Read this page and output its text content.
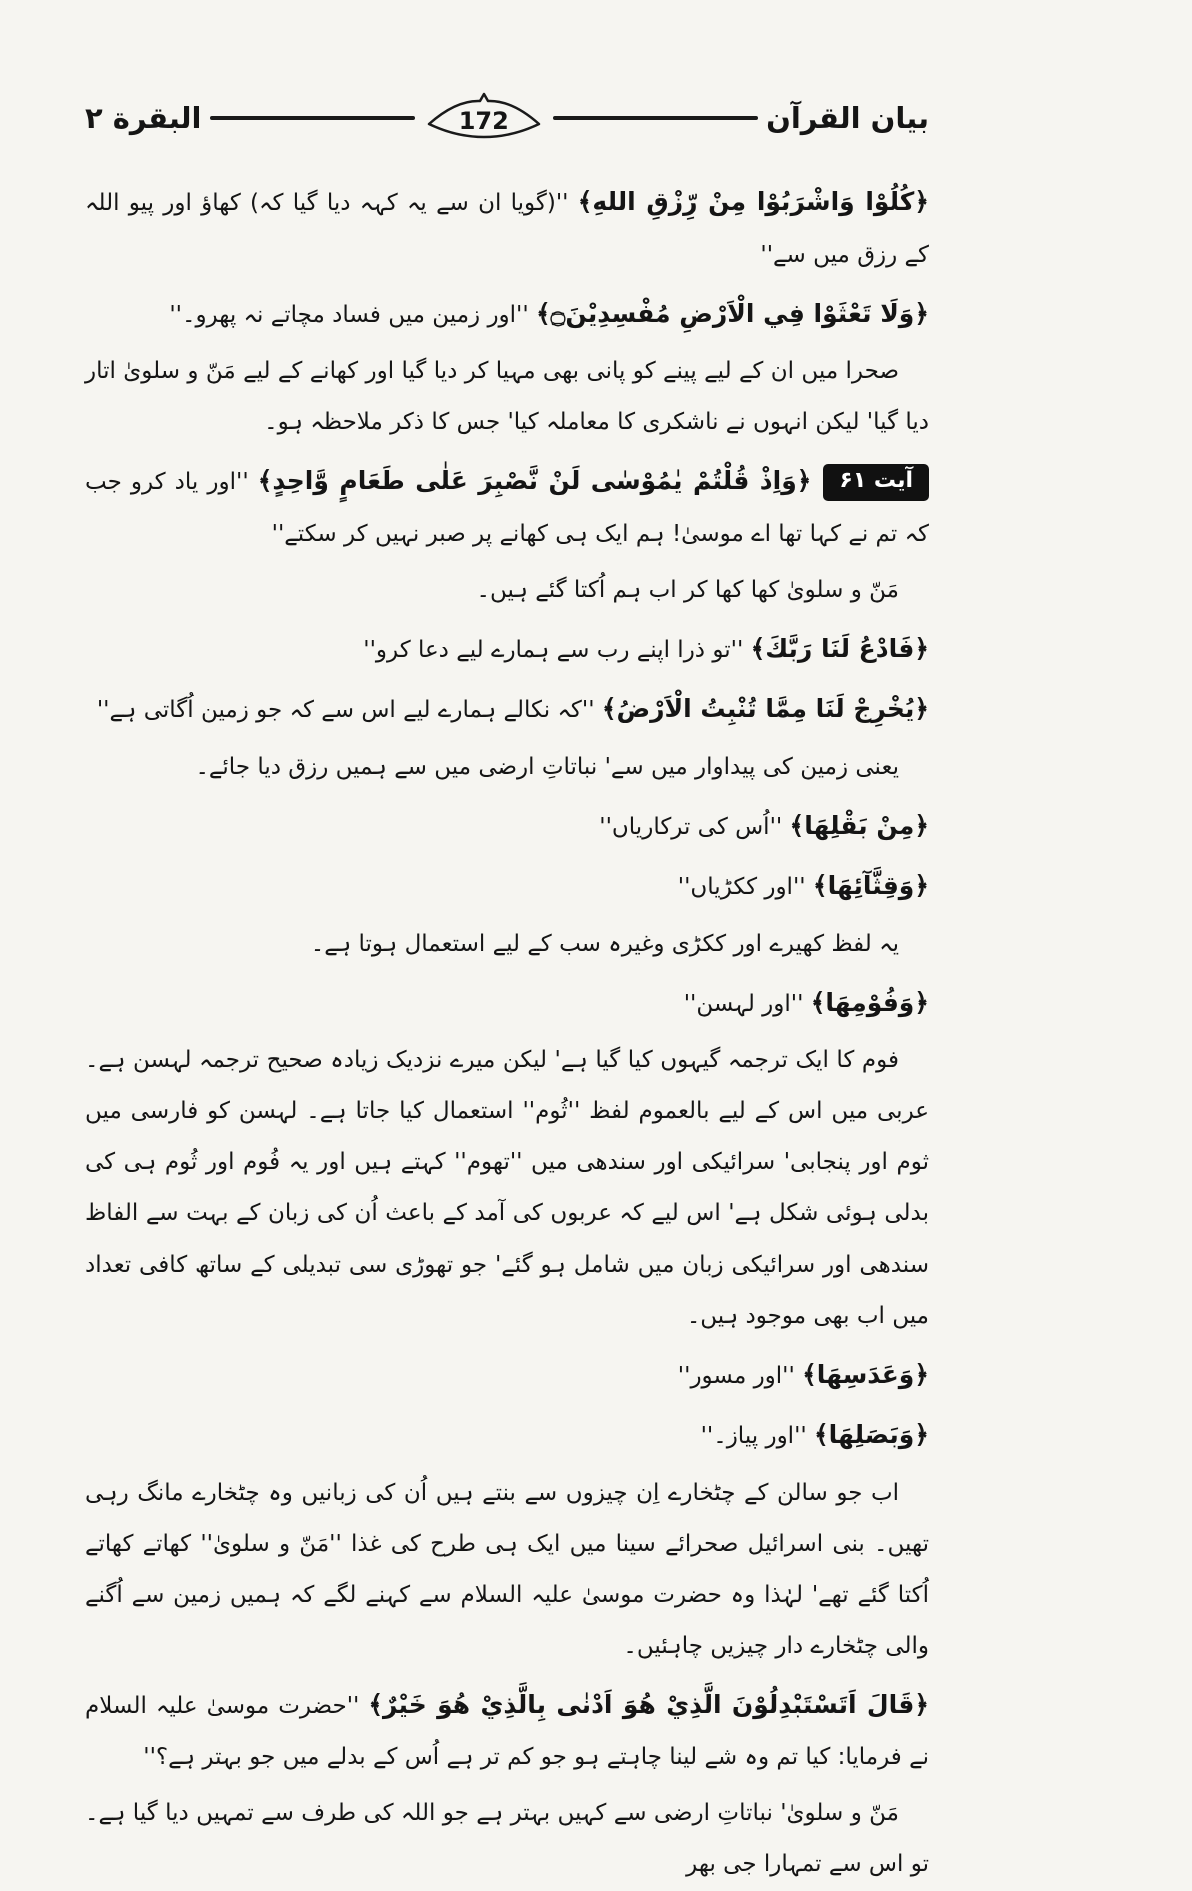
بیان القرآن
172
البقرة ۲

﴿كُلُوْا وَاشْرَبُوْا مِنْ رِّزْقِ اللهِ﴾ ''(گویا ان سے یہ کہہ دیا گیا کہ) کھاؤ اور پیو اللہ کے رزق میں سے''

﴿وَلَا تَعْثَوْا فِي الْاَرْضِ مُفْسِدِيْنَ۝﴾ ''اور زمین میں فساد مچاتے نہ پھرو۔''

صحرا میں ان کے لیے پینے کو پانی بھی مہیا کر دیا گیا اور کھانے کے لیے مَنّ و سلویٰ اتار دیا گیا' لیکن انہوں نے ناشکری کا معاملہ کیا' جس کا ذکر ملاحظہ ہو۔

آیت ۶۱﴿وَاِذْ قُلْتُمْ يٰمُوْسٰى لَنْ نَّصْبِرَ عَلٰى طَعَامٍ وَّاحِدٍ﴾ ''اور یاد کرو جب کہ تم نے کہا تھا اے موسیٰ! ہم ایک ہی کھانے پر صبر نہیں کر سکتے''

مَنّ و سلویٰ کھا کھا کر اب ہم اُکتا گئے ہیں۔

﴿فَادْعُ لَنَا رَبَّكَ﴾ ''تو ذرا اپنے رب سے ہمارے لیے دعا کرو''

﴿يُخْرِجْ لَنَا مِمَّا تُنْبِتُ الْاَرْضُ﴾ ''کہ نکالے ہمارے لیے اس سے کہ جو زمین اُگاتی ہے''

یعنی زمین کی پیداوار میں سے' نباتاتِ ارضی میں سے ہمیں رزق دیا جائے۔

﴿مِنْ بَقْلِهَا﴾ ''اُس کی ترکاریاں''

﴿وَقِثَّآئِهَا﴾ ''اور ککڑیاں''

یہ لفظ کھیرے اور ککڑی وغیرہ سب کے لیے استعمال ہوتا ہے۔

﴿وَفُوْمِهَا﴾ ''اور لہسن''

فوم کا ایک ترجمہ گیہوں کیا گیا ہے' لیکن میرے نزدیک زیادہ صحیح ترجمہ لہسن ہے۔ عربی میں اس کے لیے بالعموم لفظ ''ثُوم'' استعمال کیا جاتا ہے۔ لہسن کو فارسی میں ثوم اور پنجابی' سرائیکی اور سندھی میں ''تھوم'' کہتے ہیں اور یہ فُوم اور ثُوم ہی کی بدلی ہوئی شکل ہے' اس لیے کہ عربوں کی آمد کے باعث اُن کی زبان کے بہت سے الفاظ سندھی اور سرائیکی زبان میں شامل ہو گئے' جو تھوڑی سی تبدیلی کے ساتھ کافی تعداد میں اب بھی موجود ہیں۔

﴿وَعَدَسِهَا﴾ ''اور مسور''

﴿وَبَصَلِهَا﴾ ''اور پیاز۔''

اب جو سالن کے چٹخارے اِن چیزوں سے بنتے ہیں اُن کی زبانیں وہ چٹخارے مانگ رہی تھیں۔ بنی اسرائیل صحرائے سینا میں ایک ہی طرح کی غذا ''مَنّ و سلویٰ'' کھاتے کھاتے اُکتا گئے تھے' لہٰذا وہ حضرت موسیٰ علیہ السلام سے کہنے لگے کہ ہمیں زمین سے اُگنے والی چٹخارے دار چیزیں چاہئیں۔

﴿قَالَ اَتَسْتَبْدِلُوْنَ الَّذِيْ هُوَ اَدْنٰى بِالَّذِيْ هُوَ خَيْرٌ﴾ ''حضرت موسیٰ علیہ السلام نے فرمایا: کیا تم وہ شے لینا چاہتے ہو جو کم تر ہے اُس کے بدلے میں جو بہتر ہے؟''

مَنّ و سلویٰ' نباتاتِ ارضی سے کہیں بہتر ہے جو اللہ کی طرف سے تمہیں دیا گیا ہے۔ تو اس سے تمہارا جی بھر
